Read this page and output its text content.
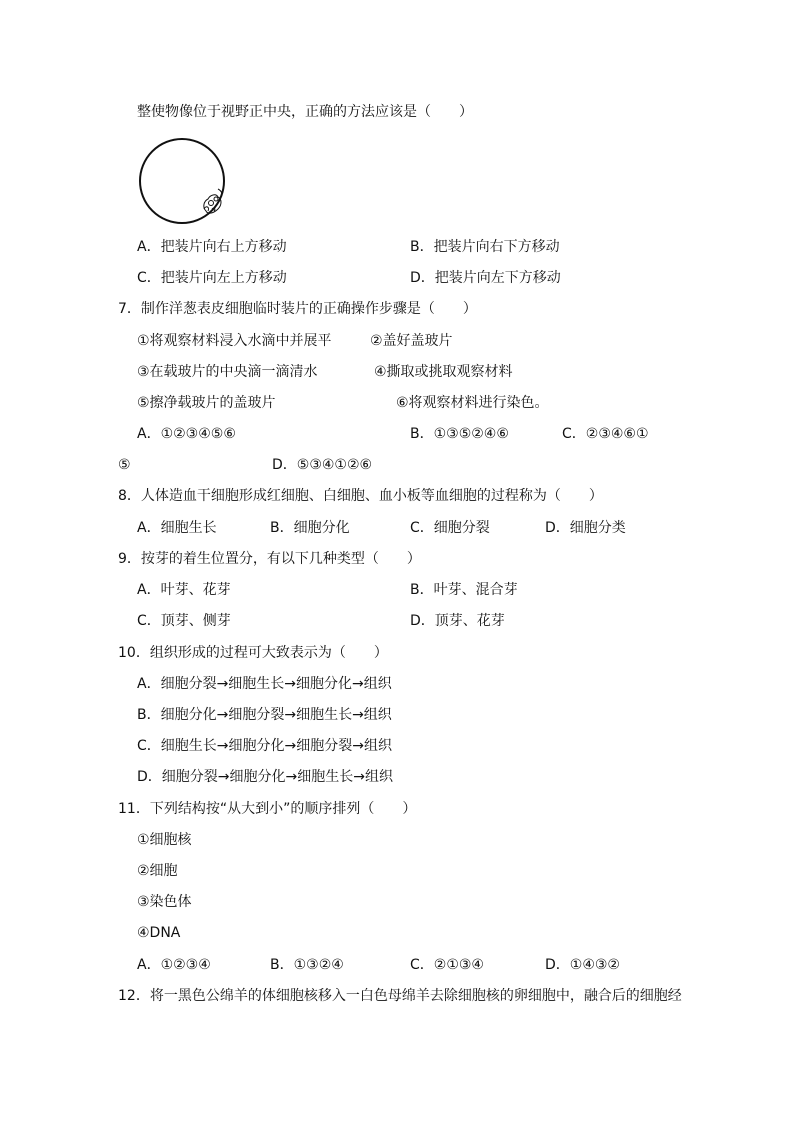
整使物像位于视野正中央，正确的方法应该是（　　）
A．把装片向右上方移动	B．把装片向右下方移动
C．把装片向左上方移动	D．把装片向左下方移动
7．制作洋葱表皮细胞临时装片的正确操作步骤是（　　）
①将观察材料浸入水滴中并展平	②盖好盖玻片
③在载玻片的中央滴一滴清水	④撕取或挑取观察材料
⑤擦净载玻片的盖玻片	⑥将观察材料进行染色。
A．①②③④⑤⑥	B．①③⑤②④⑥	C．②③④⑥①
⑤	D．⑤③④①②⑥
8．人体造血干细胞形成红细胞、白细胞、血小板等血细胞的过程称为（　　）
A．细胞生长	B．细胞分化	C．细胞分裂	D．细胞分类
9．按芽的着生位置分，有以下几种类型（　　）
A．叶芽、花芽	B．叶芽、混合芽
C．顶芽、侧芽	D．顶芽、花芽
10．组织形成的过程可大致表示为（　　）
A．细胞分裂→细胞生长→细胞分化→组织
B．细胞分化→细胞分裂→细胞生长→组织
C．细胞生长→细胞分化→细胞分裂→组织
D．细胞分裂→细胞分化→细胞生长→组织
11．下列结构按“从大到小”的顺序排列（　　）
①细胞核
②细胞
③染色体
④DNA
A．①②③④	B．①③②④	C．②①③④	D．①④③②
12．将一黑色公绵羊的体细胞核移入一白色母绵羊去除细胞核的卵细胞中，融合后的细胞经
